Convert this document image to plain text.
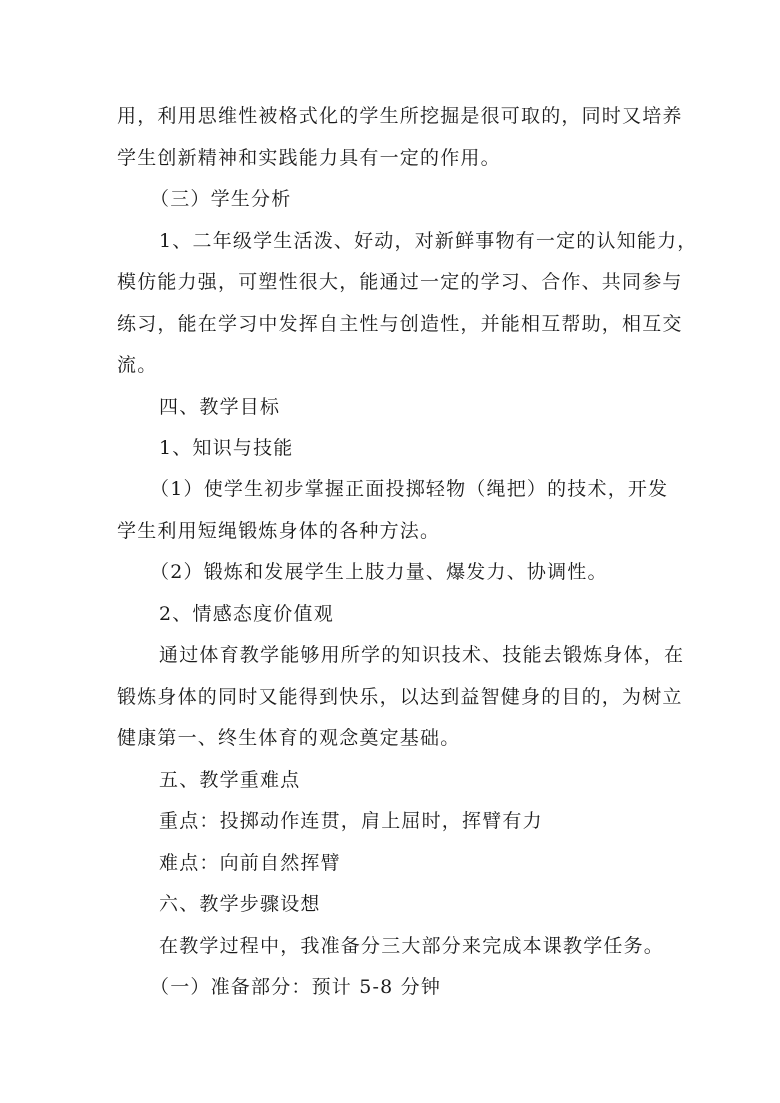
用，利用思维性被格式化的学生所挖掘是很可取的，同时又培养

学生创新精神和实践能力具有一定的作用。

（三）学生分析

1、二年级学生活泼、好动，对新鲜事物有一定的认知能力，

模仿能力强，可塑性很大，能通过一定的学习、合作、共同参与

练习，能在学习中发挥自主性与创造性，并能相互帮助，相互交

流。

四、教学目标

1、知识与技能

（1）使学生初步掌握正面投掷轻物（绳把）的技术，开发

学生利用短绳锻炼身体的各种方法。

（2）锻炼和发展学生上肢力量、爆发力、协调性。

2、情感态度价值观

通过体育教学能够用所学的知识技术、技能去锻炼身体，在

锻炼身体的同时又能得到快乐，以达到益智健身的目的，为树立

健康第一、终生体育的观念奠定基础。

五、教学重难点

重点：投掷动作连贯，肩上屈时，挥臂有力

难点：向前自然挥臂

六、教学步骤设想

在教学过程中，我准备分三大部分来完成本课教学任务。

（一）准备部分：预计 5-8 分钟
